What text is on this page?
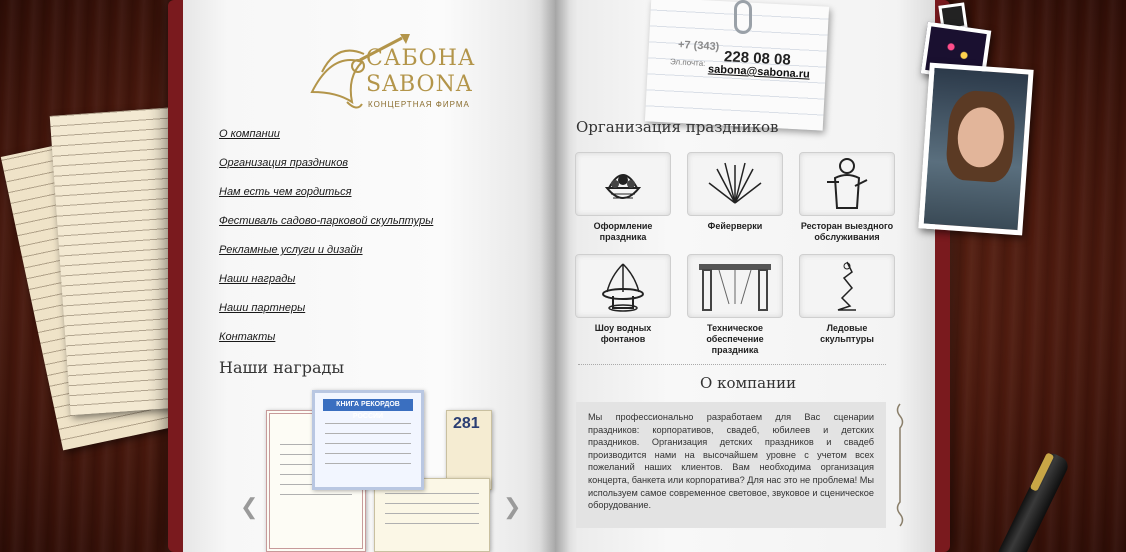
САБОНА
SABONA
КОНЦЕРТНАЯ ФИРМА
О компании
Организация праздников
Нам есть чем гордиться
Фестиваль садово-парковой скульптуры
Рекламные услуги и дизайн
Наши награды
Наши партнеры
Контакты
Наши награды
281
КНИГА РЕКОРДОВ РОССИИ
❮	❯
+7 (343)
228 08 08
Эл.почта:
sabona@sabona.ru
Организация праздников
Оформление праздника
Фейерверки	Ресторан выездного обслуживания
Шоу водных фонтанов
Техническое обеспечение праздника
Ледовые скульптуры
О компании
Мы профессионально разработаем для Вас сценарии праздников: корпоративов, свадеб, юбилеев и детских праздников. Организация детских праздников и свадеб производится нами на высочайшем уровне с учетом всех пожеланий наших клиентов. Вам необходима организация концерта, банкета или корпоратива? Для нас это не проблема! Мы используем самое современное световое, звуковое и сценическое оборудование.
